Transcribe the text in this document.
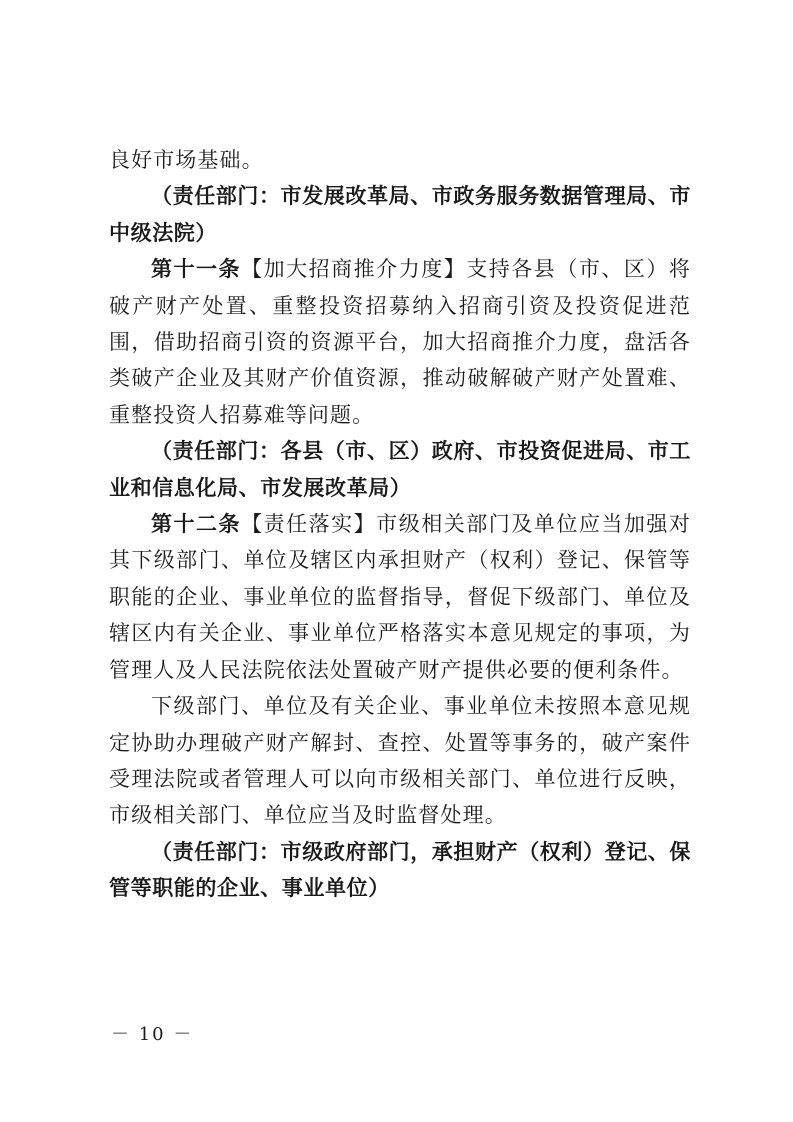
良好市场基础。

（责任部门：市发展改革局、市政务服务数据管理局、市中级法院）

第十一条【加大招商推介力度】支持各县（市、区）将破产财产处置、重整投资招募纳入招商引资及投资促进范围，借助招商引资的资源平台，加大招商推介力度，盘活各类破产企业及其财产价值资源，推动破解破产财产处置难、重整投资人招募难等问题。

（责任部门：各县（市、区）政府、市投资促进局、市工业和信息化局、市发展改革局）

第十二条【责任落实】市级相关部门及单位应当加强对其下级部门、单位及辖区内承担财产（权利）登记、保管等职能的企业、事业单位的监督指导，督促下级部门、单位及辖区内有关企业、事业单位严格落实本意见规定的事项，为管理人及人民法院依法处置破产财产提供必要的便利条件。

下级部门、单位及有关企业、事业单位未按照本意见规定协助办理破产财产解封、查控、处置等事务的，破产案件受理法院或者管理人可以向市级相关部门、单位进行反映，市级相关部门、单位应当及时监督处理。

（责任部门：市级政府部门，承担财产（权利）登记、保管等职能的企业、事业单位）

－ 10 －
